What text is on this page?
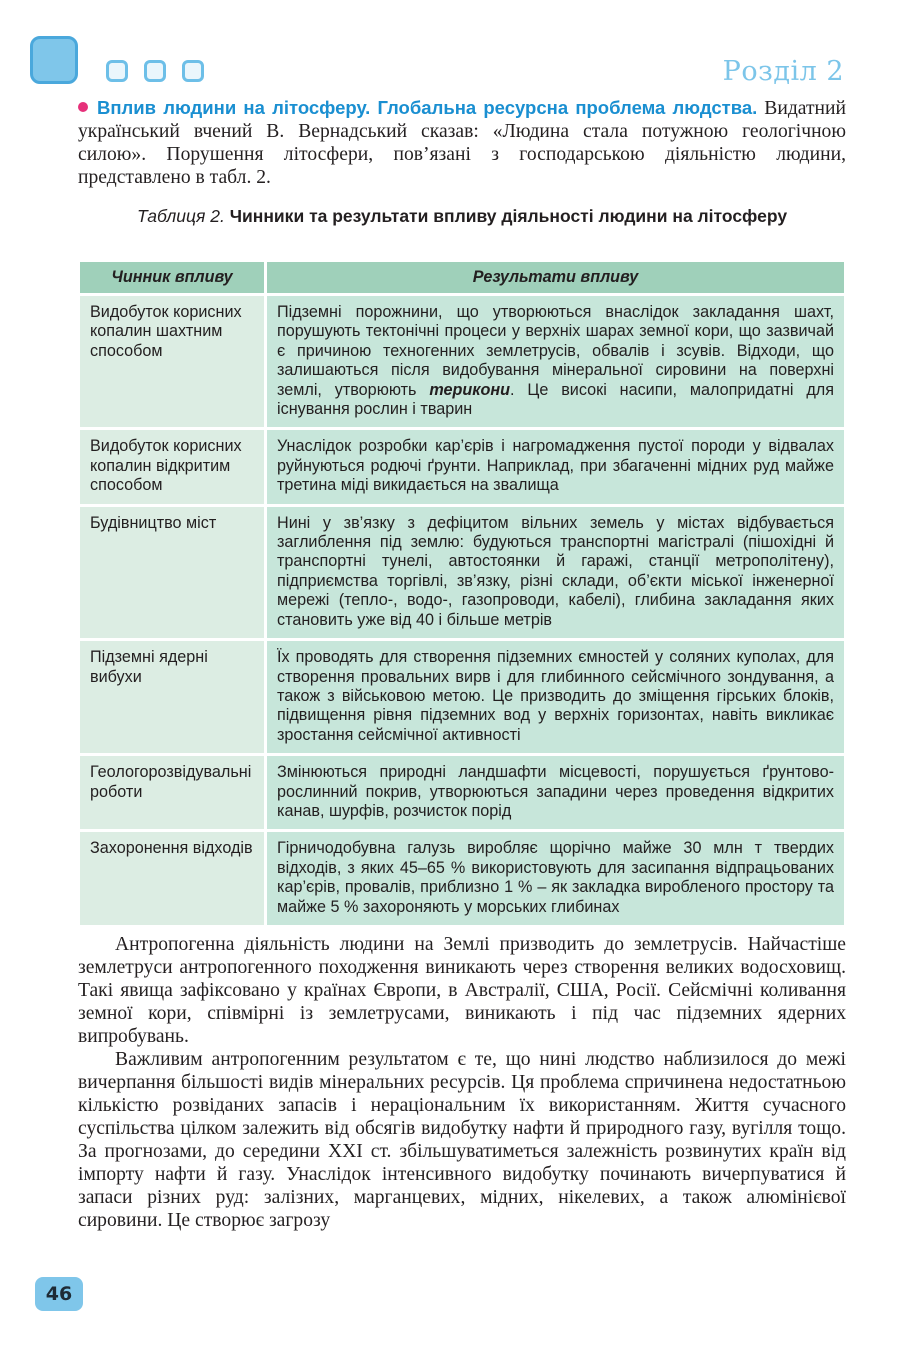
Розділ 2

Вплив людини на літосферу. Глобальна ресурсна проблема людства. Видатний український вчений В. Вернадський сказав: «Людина стала потужною геологічною силою». Порушення літосфери, пов’язані з господарською діяльністю людини, представлено в табл. 2.

Таблиця 2. Чинники та результати впливу діяльності людини на літосферу
Чинник впливу	Результати впливу
Видобуток корисних копалин шахтним способом	Підземні порожнини, що утворюються внаслідок закладання шахт, порушують тектонічні процеси у верхніх шарах земної кори, що зазвичай є причиною техногенних землетрусів, обвалів і зсувів. Відходи, що залишаються після видобування мінеральної сировини на поверхні землі, утворюють терикони. Це високі насипи, малопридатні для існування рослин і тварин
Видобуток корисних копалин відкритим способом	Унаслідок розробки кар’єрів і нагромадження пустої породи у відвалах руйнуються родючі ґрунти. Наприклад, при збагаченні мідних руд майже третина міді викидається на звалища
Будівництво міст	Нині у зв’язку з дефіцитом вільних земель у містах відбувається заглиблення під землю: будуються транспортні магістралі (пішохідні й транспортні тунелі, автостоянки й гаражі, станції метрополітену), підприємства торгівлі, зв’язку, різні склади, об’єкти міської інженерної мережі (тепло-, водо-, газопроводи, кабелі), глибина закладання яких становить уже від 40 і більше метрів
Підземні ядерні вибухи	Їх проводять для створення підземних ємностей у соляних куполах, для створення провальних вирв і для глибинного сейсмічного зондування, а також з військовою метою. Це призводить до зміщення гірських блоків, підвищення рівня підземних вод у верхніх горизонтах, навіть викликає зростання сейсмічної активності
Геологорозвідувальні роботи	Змінюються природні ландшафти місцевості, порушується ґрунтово-рослинний покрив, утворюються западини через проведення відкритих канав, шурфів, розчисток порід
Захоронення відходів	Гірничодобувна галузь виробляє щорічно майже 30 млн т твердих відходів, з яких 45–65 % використовують для засипання відпрацьованих кар’єрів, провалів, приблизно 1 % – як закладка виробленого простору та майже 5 % захороняють у морських глибинах

Антропогенна діяльність людини на Землі призводить до землетрусів. Найчастіше землетруси антропогенного походження виникають через створення великих водосховищ. Такі явища зафіксовано у країнах Європи, в Австралії, США, Росії. Сейсмічні коливання земної кори, співмірні із землетрусами, виникають і під час підземних ядерних випробувань.

Важливим антропогенним результатом є те, що нині людство наблизилося до межі вичерпання більшості видів мінеральних ресурсів. Ця проблема спричинена недостатньою кількістю розвіданих запасів і нераціональним їх використанням. Життя сучасного суспільства цілком залежить від обсягів видобутку нафти й природного газу, вугілля тощо. За прогнозами, до середини XXI ст. збільшуватиметься залежність розвинутих країн від імпорту нафти й газу. Унаслідок інтенсивного видобутку починають вичерпуватися й запаси різних руд: залізних, марганцевих, мідних, нікелевих, а також алюмінієвої сировини. Це створює загрозу

46
